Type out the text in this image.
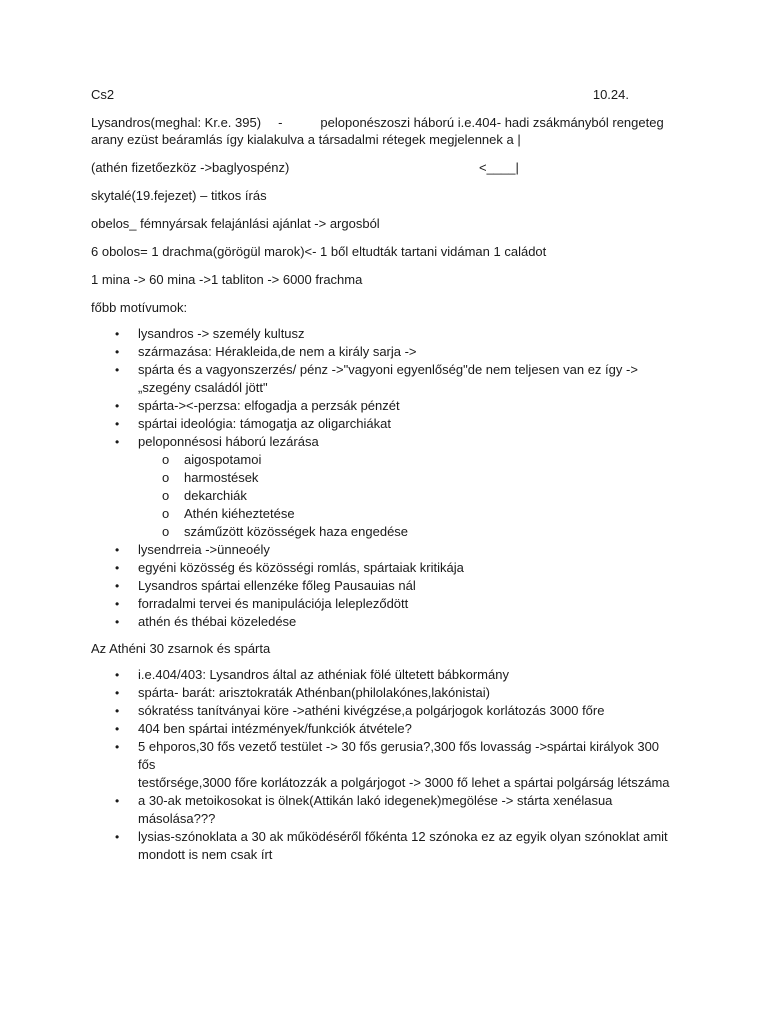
Cs2	10.24.
Lysandros(meghal: Kr.e. 395) -	peloponészoszi háború i.e.404- hadi zsákmányból rengeteg
arany ezüst beáramlás így kialakulva a társadalmi rétegek megjelennek a |
(athén fizetőezköz ->baglyospénz)	<____|
skytalé(19.fejezet) – titkos írás
obelos_ fémnyársak felajánlási ajánlat -> argosból
6 obolos= 1 drachma(görögül marok)<- 1 ből eltudták tartani vidáman 1 caládot
1 mina -> 60 mina ->1 tabliton -> 6000 frachma
főbb motívumok:
• lysandros -> személy kultusz
• származása: Hérakleida,de nem a király sarja ->
• spárta és a vagyonszerzés/ pénz ->"vagyoni egyenlőség"de nem teljesen van ez így ->
„szegény családól jött"
• spárta-><-perzsa: elfogadja a perzsák pénzét
• spártai ideológia: támogatja az oligarchiákat
• peloponnésosi háború lezárása
o aigospotamoi
o harmostések
o dekarchiák
o Athén kiéheztetése
o száműzött közösségek haza engedése
• lysendrreia ->ünneoély
• egyéni közösség és közösségi romlás, spártaiak kritikája
• Lysandros spártai ellenzéke főleg Pausauias nál
• forradalmi tervei és manipulációja lelepleződött
• athén és thébai közeledése
Az Athéni 30 zsarnok és spárta
• i.e.404/403: Lysandros által az athéniak fölé ültetett bábkormány
• spárta- barát: arisztokraták Athénban(philolakónes,lakónistai)
• sókratéss tanítványai köre ->athéni kivégzése,a polgárjogok korlátozás 3000 főre
• 404 ben spártai intézmények/funkciók átvétele?
• 5 ehporos,30 fős vezető testület -> 30 fős gerusia?,300 fős lovasság ->spártai királyok 300 fős
testőrsége,3000 főre korlátozzák a polgárjogot -> 3000 fő lehet a spártai polgárság létszáma
• a 30-ak metoikosokat is ölnek(Attikán lakó idegenek)megölése -> stárta xenélasua
másolása???
• lysias-szónoklata a 30 ak működéséről főkénta 12 szónoka ez az egyik olyan szónoklat amit
mondott is nem csak írt
